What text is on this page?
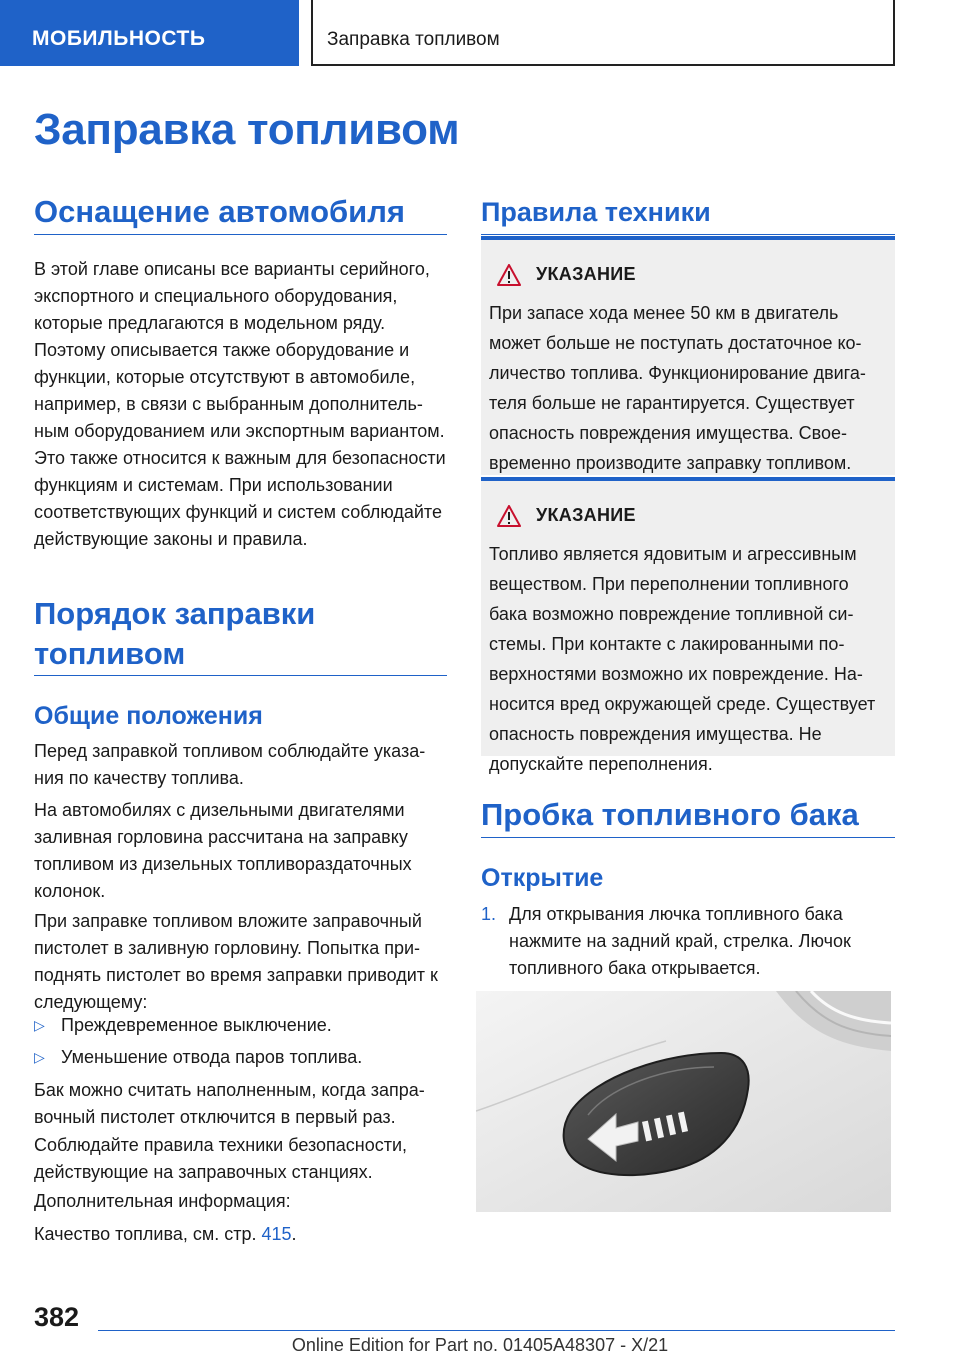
МОБИЛЬНОСТЬ	Заправка топливом
Заправка топливом
Оснащение автомобиля

В этой главе описаны все варианты серийного, экспортного и специального оборудования, которые предлагаются в модельном ряду. Поэтому описывается также оборудование и функции, которые отсутствуют в автомобиле, например, в связи с выбранным дополнительным оборудованием или экспортным вариантом. Это также относится к важным для безопасности функциям и системам. При использовании соответствующих функций и систем соблюдайте действующие законы и правила.

Порядок заправки топливом
Общие положения

Перед заправкой топливом соблюдайте указания по качеству топлива.

На автомобилях с дизельными двигателями заливная горловина рассчитана на заправку топливом из дизельных топливораздаточных колонок.

При заправке топливом вложите заправочный пистолет в заливную горловину. Попытка приподнять пистолет во время заправки приводит к следующему:

▷ Преждевременное выключение.
▷ Уменьшение отвода паров топлива.

Бак можно считать наполненным, когда заправочный пистолет отключится в первый раз.

Соблюдайте правила техники безопасности, действующие на заправочных станциях.

Дополнительная информация:

Качество топлива, см. стр. 415.

Правила техники
УКАЗАНИЕ

При запасе хода менее 50 км в двигатель может больше не поступать достаточное количество топлива. Функционирование двигателя больше не гарантируется. Существует опасность повреждения имущества. Своевременно производите заправку топливом.

УКАЗАНИЕ

Топливо является ядовитым и агрессивным веществом. При переполнении топливного бака возможно повреждение топливной системы. При контакте с лакированными поверхностями возможно их повреждение. Наносится вред окружающей среде. Существует опасность повреждения имущества. Не допускайте переполнения.

Пробка топливного бака
Открытие
1. Для открывания лючка топливного бака нажмите на задний край, стрелка. Лючок топливного бака открывается.
382
Online Edition for Part no. 01405A48307 - X/21
